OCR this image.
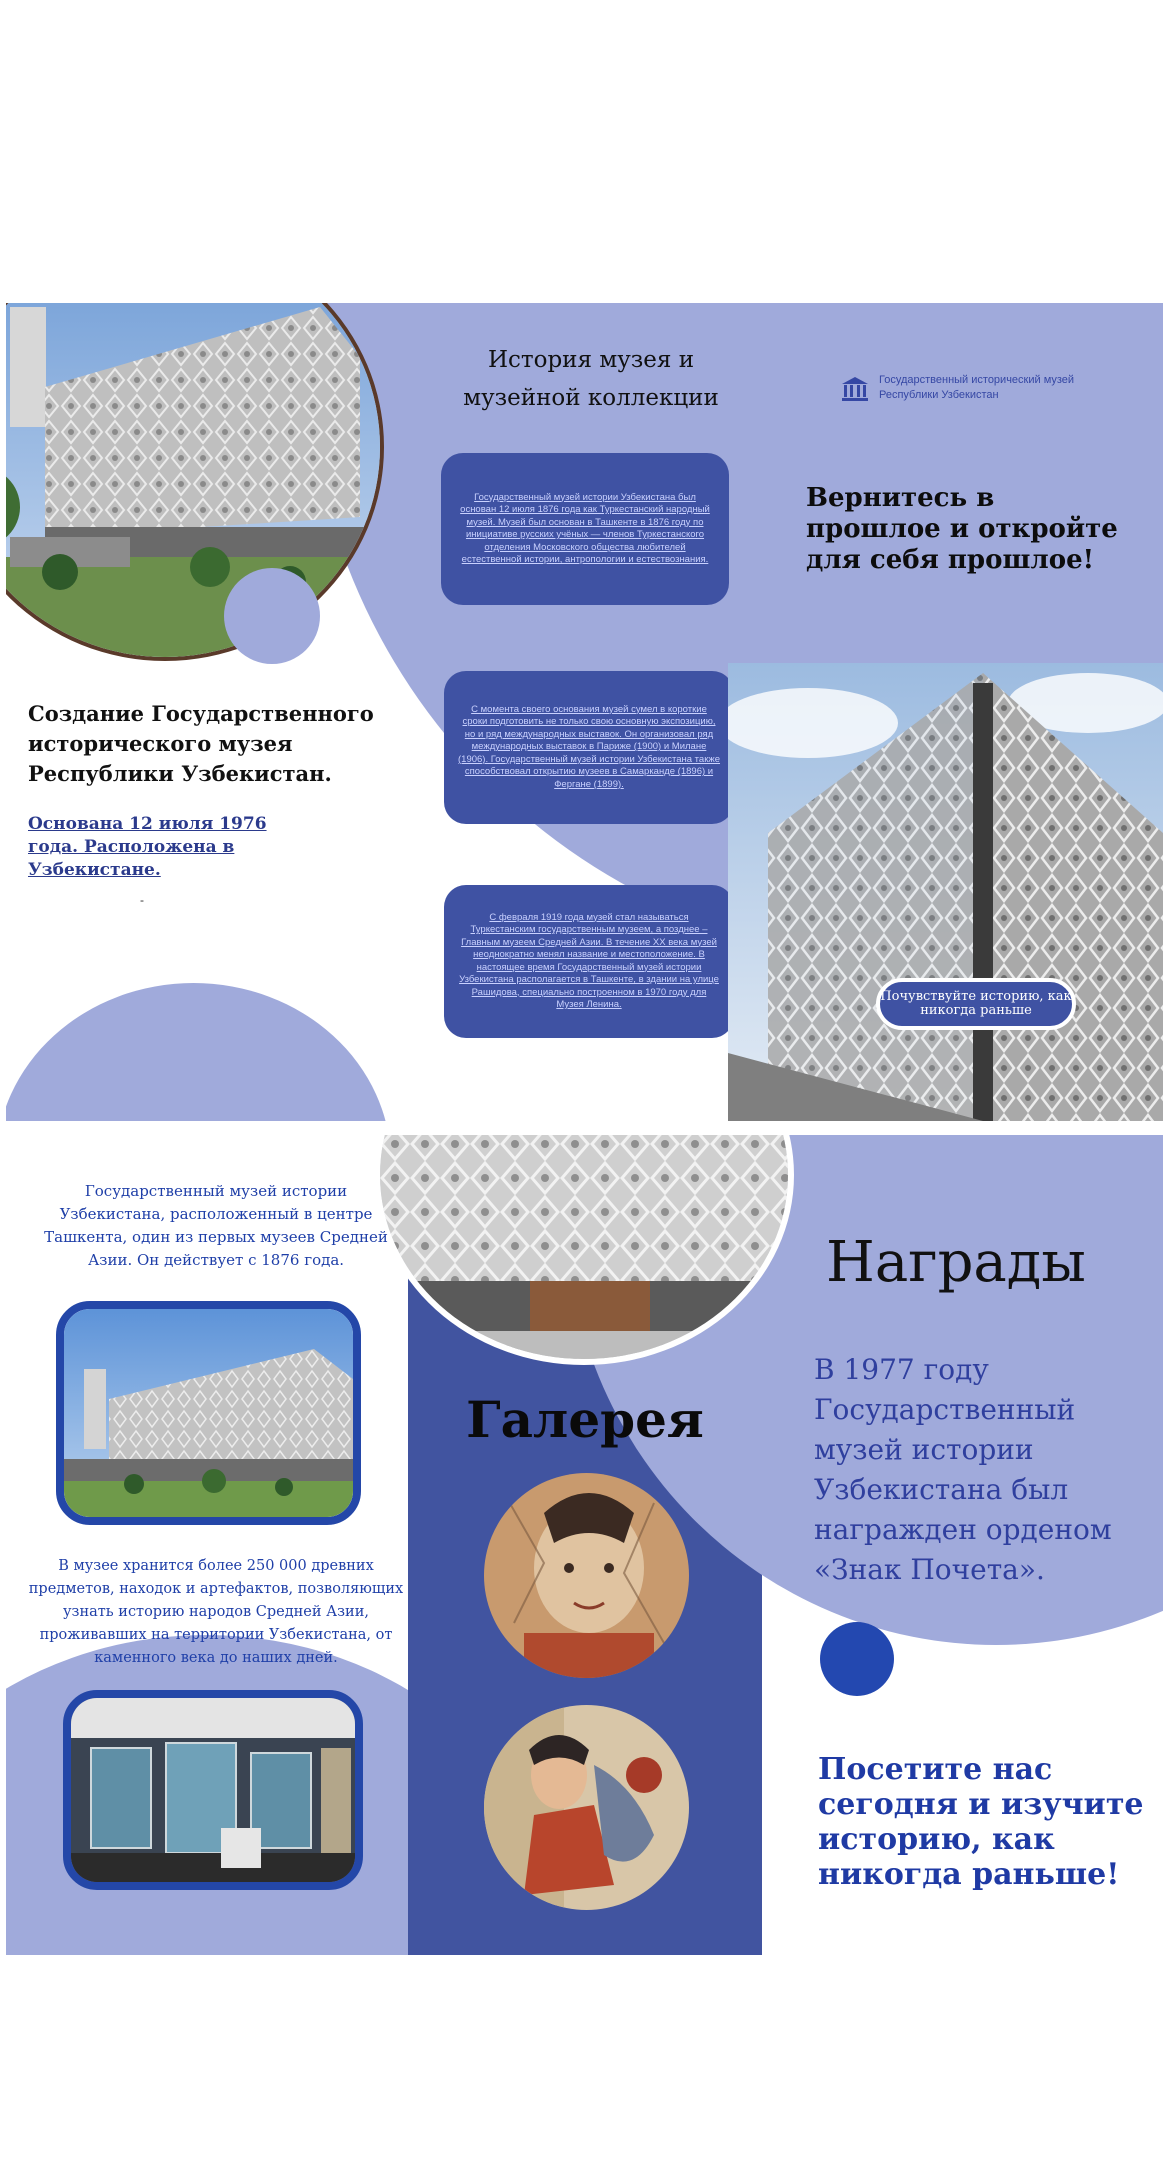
История музея и музейной коллекции
Государственный исторический музей
Республики Узбекистан
Вернитесь в прошлое и откройте для себя прошлое!
Государственный музей истории Узбекистана был основан 12 июля 1876 года как Туркестанский народный музей. Музей был основан в Ташкенте в 1876 году по инициативе русских учёных — членов Туркестанского отделения Московского общества любителей естественной истории, антропологии и естествознания.
С момента своего основания музей сумел в короткие сроки подготовить не только свою основную экспозицию, но и ряд международных выставок. Он организовал ряд международных выставок в Париже (1900) и Милане (1906). Государственный музей истории Узбекистана также способствовал открытию музеев в Самарканде (1896) и Фергане (1899).
С февраля 1919 года музей стал называться Туркестанским государственным музеем, а позднее – Главным музеем Средней Азии. В течение XX века музей неоднократно менял название и местоположение. В настоящее время Государственный музей истории Узбекистана располагается в Ташкенте, в здании на улице Рашидова, специально построенном в 1970 году для Музея Ленина.
Создание Государственного исторического музея Республики Узбекистан.
Основана 12 июля 1976 года. Расположена в Узбекистане.
-
Почувствуйте историю, как никогда раньше
Государственный музей истории Узбекистана, расположенный в центре Ташкента, один из первых музеев Средней Азии. Он действует с 1876 года.
В музее хранится более 250 000 древних предметов, находок и артефактов, позволяющих узнать историю народов Средней Азии, проживавших на территории Узбекистана, от каменного века до наших дней.
Галерея
Награды
В 1977 году Государственный музей истории Узбекистана был награжден орденом «Знак Почета».
Посетите нас сегодня и изучите историю, как никогда раньше!
